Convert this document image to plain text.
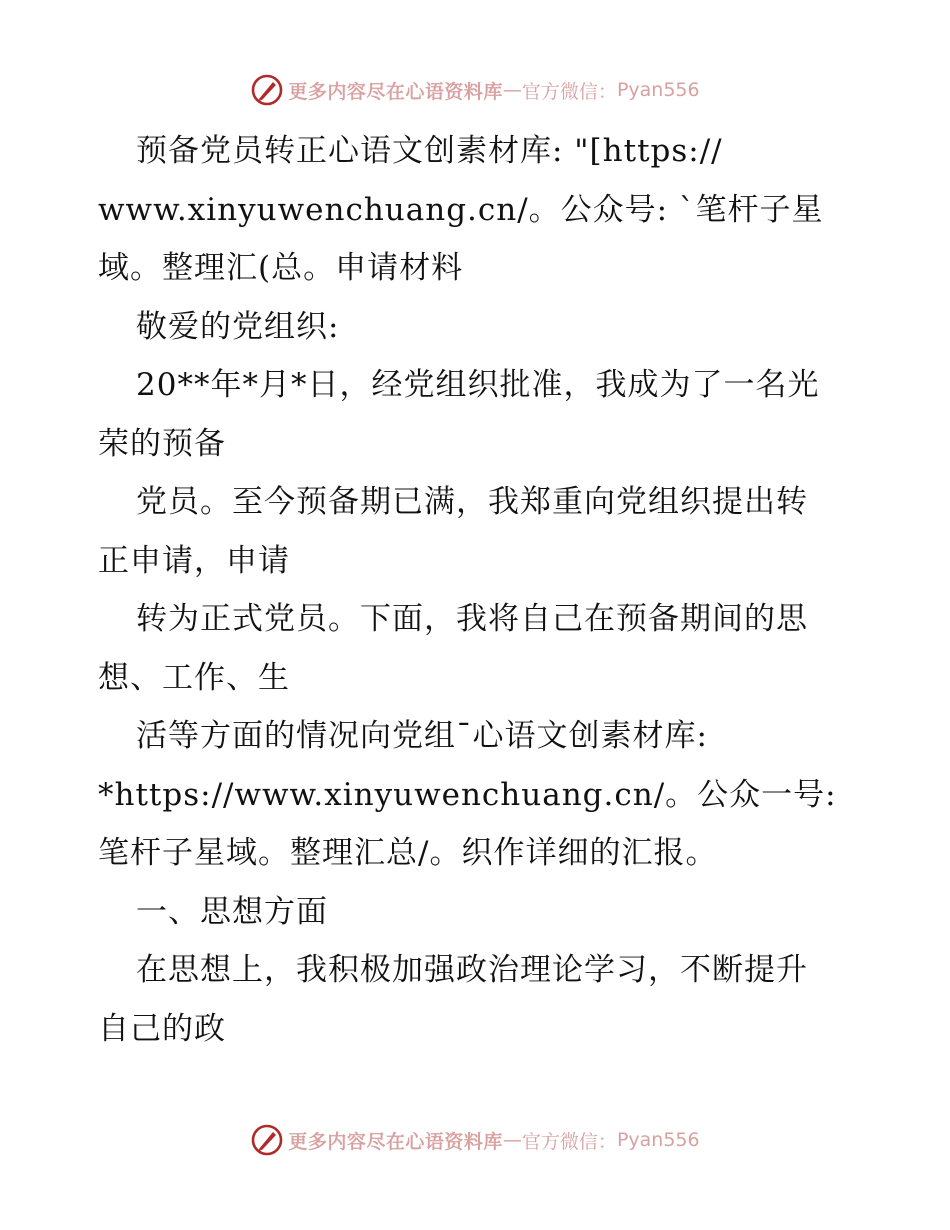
更多内容尽在心语资料库 — 官方微信： Pyan556
预备党员转正心语文创素材库: "[https://
www.xinyuwenchuang.cn/。公众号: `笔杆子星
域。整理汇(总。申请材料
敬爱的党组织:
20**年*月*日，经党组织批准，我成为了一名光
荣的预备
党员。至今预备期已满，我郑重向党组织提出转
正申请，申请
转为正式党员。下面，我将自己在预备期间的思
想、工作、生
活等方面的情况向党组¯心语文创素材库:
*https://www.xinyuwenchuang.cn/。公众一号:
笔杆子星域。整理汇总/。织作详细的汇报。
一、思想方面
在思想上，我积极加强政治理论学习，不断提升
自己的政
更多内容尽在心语资料库 — 官方微信： Pyan556
